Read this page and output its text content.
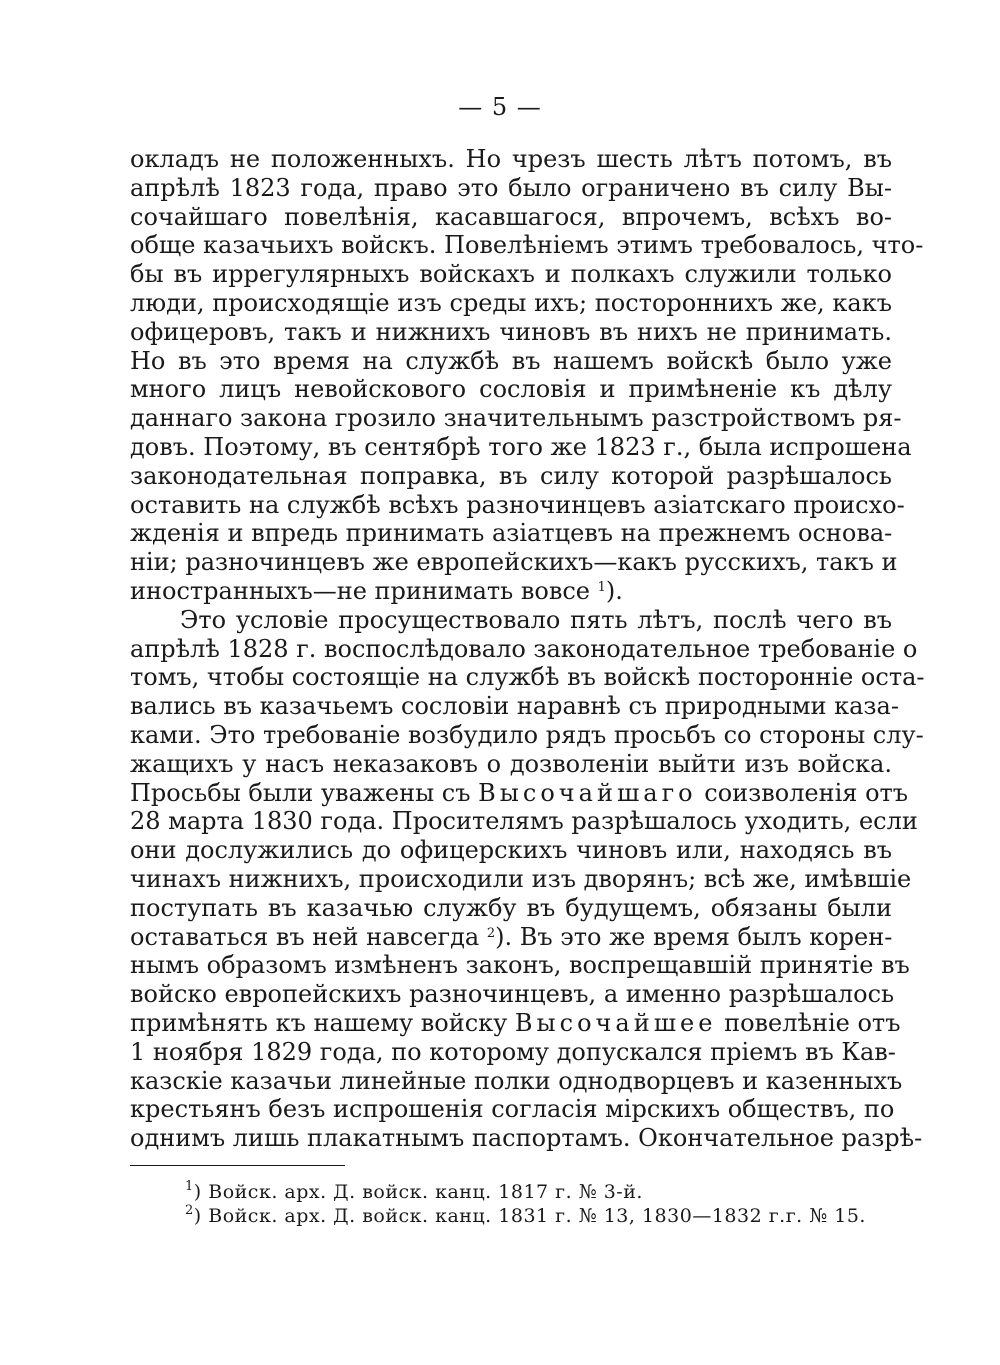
— 5 —
окладъ не положенныхъ. Но чрезъ шесть лѣтъ потомъ, въ
апрѣлѣ 1823 года, право это было ограничено въ силу Вы-
сочайшаго повелѣнія, касавшагося, впрочемъ, всѣхъ во-
обще казачьихъ войскъ. Повелѣніемъ этимъ требовалось, что-
бы въ иррегулярныхъ войскахъ и полкахъ служили только
люди, происходящіе изъ среды ихъ; постороннихъ же, какъ
офицеровъ, такъ и нижнихъ чиновъ въ нихъ не принимать.
Но въ это время на службѣ въ нашемъ войскѣ было уже
много лицъ невойскового сословія и примѣненіе къ дѣлу
даннаго закона грозило значительнымъ разстройствомъ ря-
довъ. Поэтому, въ сентябрѣ того же 1823 г., была испрошена
законодательная поправка, въ силу которой разрѣшалось
оставить на службѣ всѣхъ разночинцевъ азіатскаго происхо-
жденія и впредь принимать азіатцевъ на прежнемъ основа-
ніи; разночинцевъ же европейскихъ—какъ русскихъ, такъ и
иностранныхъ—не принимать вовсе $^1$).
Это условіе просуществовало пять лѣтъ, послѣ чего въ
апрѣлѣ 1828 г. воспослѣдовало законодательное требованіе о
томъ, чтобы состоящіе на службѣ въ войскѣ посторонніе оста-
вались въ казачьемъ сословіи наравнѣ съ природными каза-
ками. Это требованіе возбудило рядъ просьбъ со стороны слу-
жащихъ у насъ неказаковъ о дозволеніи выйти изъ войска.
Просьбы были уважены съ Высочайшаго соизволенія отъ
28 марта 1830 года. Просителямъ разрѣшалось уходить, если
они дослужились до офицерскихъ чиновъ или, находясь въ
чинахъ нижнихъ, происходили изъ дворянъ; всѣ же, имѣвшіе
поступать въ казачью службу въ будущемъ, обязаны были
оставаться въ ней навсегда $^2$). Въ это же время былъ корен-
нымъ образомъ измѣненъ законъ, воспрещавшій принятіе въ
войско европейскихъ разночинцевъ, а именно разрѣшалось
примѣнять къ нашему войску Высочайшее повелѣніе отъ
1 ноября 1829 года, по которому допускался пріемъ въ Кав-
казскіе казачьи линейные полки однодворцевъ и казенныхъ
крестьянъ безъ испрошенія согласія мірскихъ обществъ, по
однимъ лишь плакатнымъ паспортамъ. Окончательное разрѣ-
$^1$) Войск. арх. Д. войск. канц. 1817 г. № 3-й.
$^2$) Войск. арх. Д. войск. канц. 1831 г. № 13, 1830—1832 г.г. № 15.
